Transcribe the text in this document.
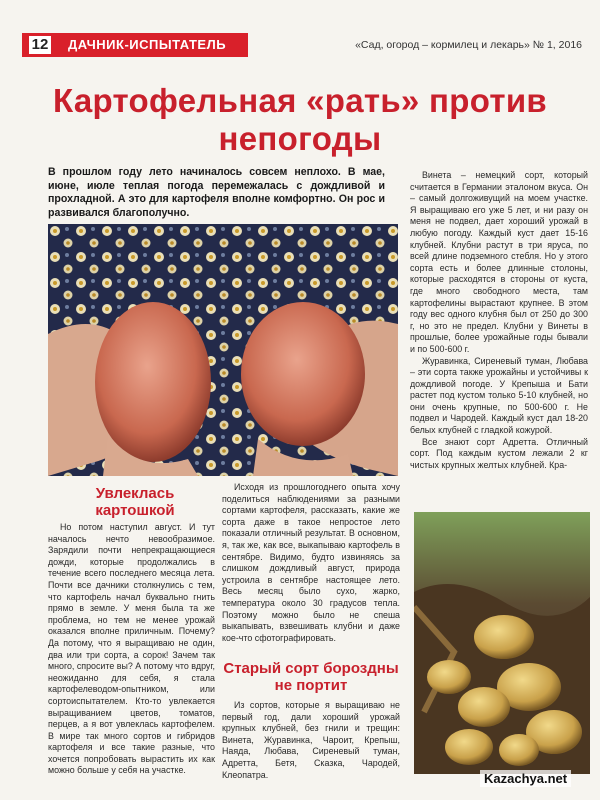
12	ДАЧНИК-ИСПЫТАТЕЛЬ	«Сад, огород – кормилец и лекарь» № 1, 2016
Картофельная «рать» против
непогоды
В прошлом году лето начиналось совсем неплохо. В мае, июне, июле теплая погода перемежалась с дождливой и прохладной. А это для картофеля вполне комфортно. Он рос и развивался благополучно.
Увлеклась
картошкой

Но потом наступил август. И тут началось нечто невообразимое. Зарядили почти непрекращающиеся дожди, которые продолжались в течение всего последнего месяца лета. Почти все дачники столкнулись с тем, что картофель начал буквально гнить прямо в земле. У меня была та же проблема, но тем не менее урожай оказался вполне приличным. Почему? Да потому, что я выращиваю не один, два или три сорта, а сорок! Зачем так много, спросите вы? А потому что вдруг, неожиданно для себя, я стала картофелеводом-опытником, или сортоиспытателем. Кто-то увлекается выращиванием цветов, томатов, перцев, а я вот увлеклась картофелем. В мире так много сортов и гибридов картофеля и все такие разные, что хочется попробовать вырастить их как можно больше у себя на участке.

Исходя из прошлогоднего опыта хочу поделиться наблюдениями за разными сортами картофеля, рассказать, какие же сорта даже в такое непростое лето показали отличный результат. В основном, я, так же, как все, выкапываю картофель в сентябре. Видимо, будто извиняясь за слишком дождливый август, природа устроила в сентябре настоящее лето. Весь месяц было сухо, жарко, температура около 30 градусов тепла. Поэтому можно было не спеша выкапывать, взвешивать клубни и даже кое-что сфотографировать.

Старый сорт бороздны
не портит

Из сортов, которые я выращиваю не первый год, дали хороший урожай крупных клубней, без гнили и трещин: Винета, Журавинка, Чароит, Крепыш, Наяда, Любава, Сиреневый туман, Адретта, Бетя, Сказка, Чародей, Клеопатра.

Винета – немецкий сорт, который считается в Германии эталоном вкуса. Он – самый долгоживущий на моем участке. Я выращиваю его уже 5 лет, и ни разу он меня не подвел, дает хороший урожай в любую погоду. Каждый куст дает 15-16 клубней. Клубни растут в три яруса, по всей длине подземного стебля. Но у этого сорта есть и более длинные столоны, которые расходятся в стороны от куста, где много свободного места, там картофелины вырастают крупнее. В этом году вес одного клубня был от 250 до 300 г, но это не предел. Клубни у Винеты в прошлые, более урожайные годы бывали и по 500-600 г.

Журавинка, Сиреневый туман, Любава – эти сорта также урожайны и устойчивы к дождливой погоде. У Крепыша и Бати растет под кустом только 5-10 клубней, но они очень крупные, по 500-600 г. Не подвел и Чародей. Каждый куст дал 18-20 белых клубней с гладкой кожурой.

Все знают сорт Адретта. Отличный сорт. Под каждым кустом лежали 2 кг чистых крупных желтых клубней. Кра-

Kazachya.net
